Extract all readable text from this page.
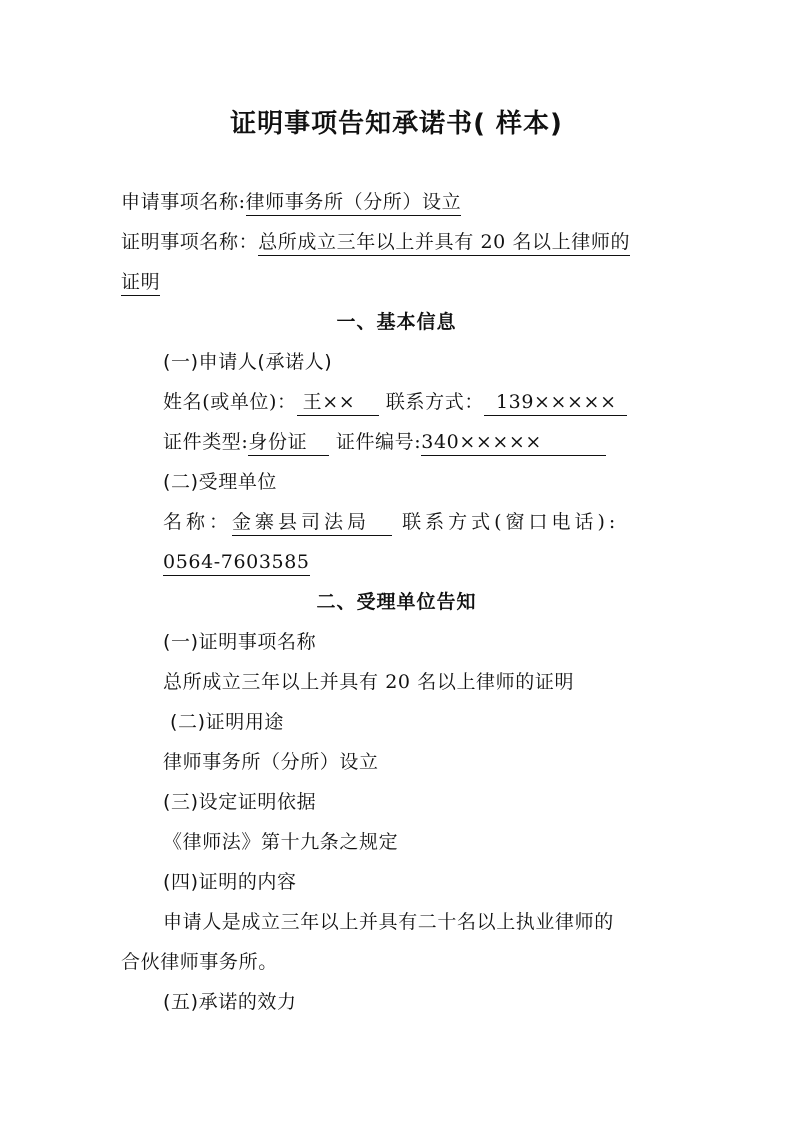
证明事项告知承诺书( 样本)
申请事项名称:律师事务所（分所）设立
证明事项名称：总所成立三年以上并具有 20 名以上律师的
证明
一、基本信息
(一)申请人(承诺人)
姓名(或单位)： 王×× 联系方式： 139×××××
证件类型:身份证 证件编号:340×××××
(二)受理单位
名称：金寨县司法局 联系方式(窗口电话):
0564-7603585
二、受理单位告知
(一)证明事项名称
总所成立三年以上并具有 20 名以上律师的证明
(二)证明用途
律师事务所（分所）设立
(三)设定证明依据
《律师法》第十九条之规定
(四)证明的内容
申请人是成立三年以上并具有二十名以上执业律师的
合伙律师事务所。
(五)承诺的效力
